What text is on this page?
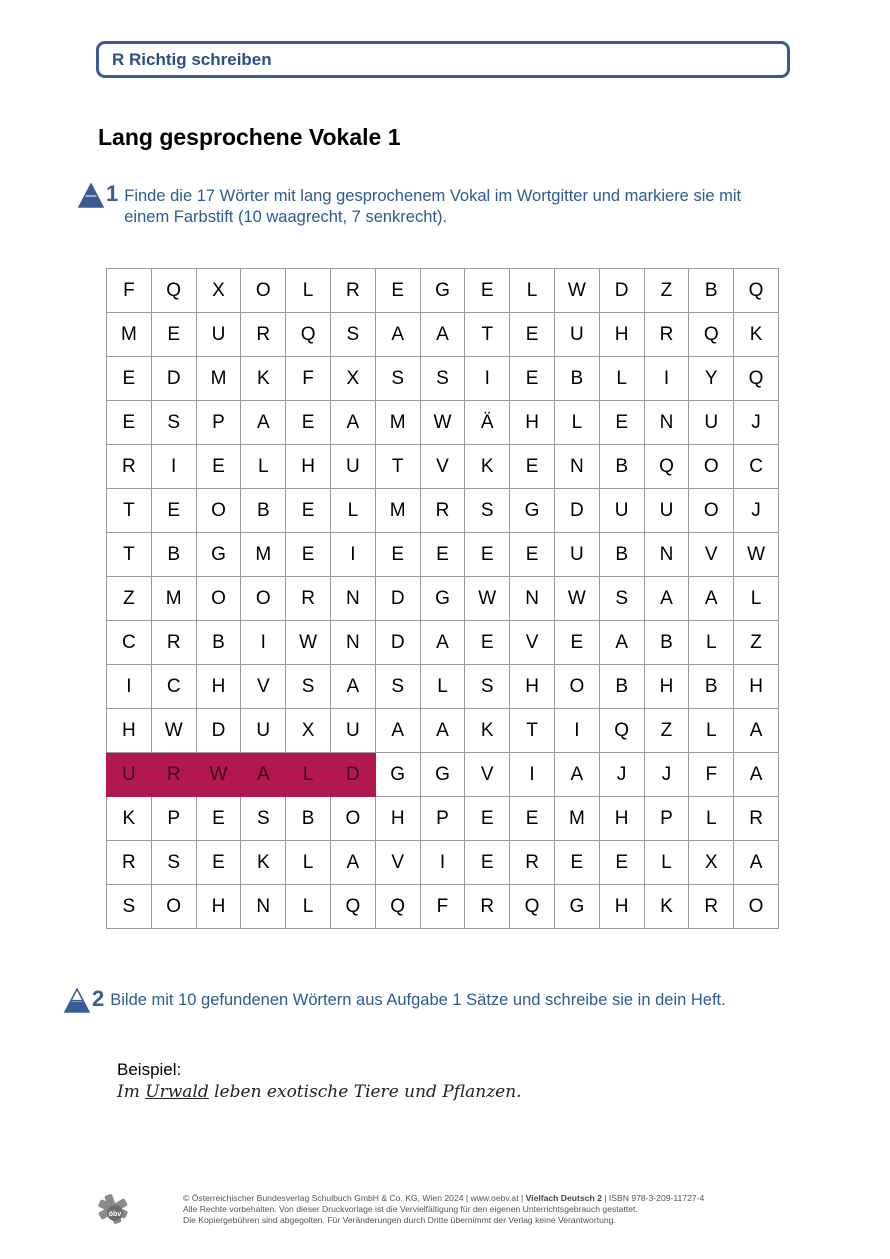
R Richtig schreiben
Lang gesprochene Vokale 1
1 Finde die 17 Wörter mit lang gesprochenem Vokal im Wortgitter und markiere sie mit einem Farbstift (10 waagrecht, 7 senkrecht).
F	Q	X	O	L	R	E	G	E	L	W	D	Z	B	Q
M	E	U	R	Q	S	A	A	T	E	U	H	R	Q	K
E	D	M	K	F	X	S	S	I	E	B	L	I	Y	Q
E	S	P	A	E	A	M	W	Ä	H	L	E	N	U	J
R	I	E	L	H	U	T	V	K	E	N	B	Q	O	C
T	E	O	B	E	L	M	R	S	G	D	U	U	O	J
T	B	G	M	E	I	E	E	E	E	U	B	N	V	W
Z	M	O	O	R	N	D	G	W	N	W	S	A	A	L
C	R	B	I	W	N	D	A	E	V	E	A	B	L	Z
I	C	H	V	S	A	S	L	S	H	O	B	H	B	H
H	W	D	U	X	U	A	A	K	T	I	Q	Z	L	A
U	R	W	A	L	D	G	G	V	I	A	J	J	F	A
K	P	E	S	B	O	H	P	E	E	M	H	P	L	R
R	S	E	K	L	A	V	I	E	R	E	E	L	X	A
S	O	H	N	L	Q	Q	F	R	Q	G	H	K	R	O
2 Bilde mit 10 gefundenen Wörtern aus Aufgabe 1 Sätze und schreibe sie in dein Heft.
Beispiel:
Im Urwald leben exotische Tiere und Pflanzen.
öbv
© Österreichischer Bundesverlag Schulbuch GmbH & Co. KG, Wien 2024 | www.oebv.at | Vielfach Deutsch 2 | ISBN 978-3-209-11727-4
Alle Rechte vorbehalten. Von dieser Druckvorlage ist die Vervielfältigung für den eigenen Unterrichtsgebrauch gestattet.
Die Kopiergebühren sind abgegolten. Für Veränderungen durch Dritte übernimmt der Verlag keine Verantwortung.
